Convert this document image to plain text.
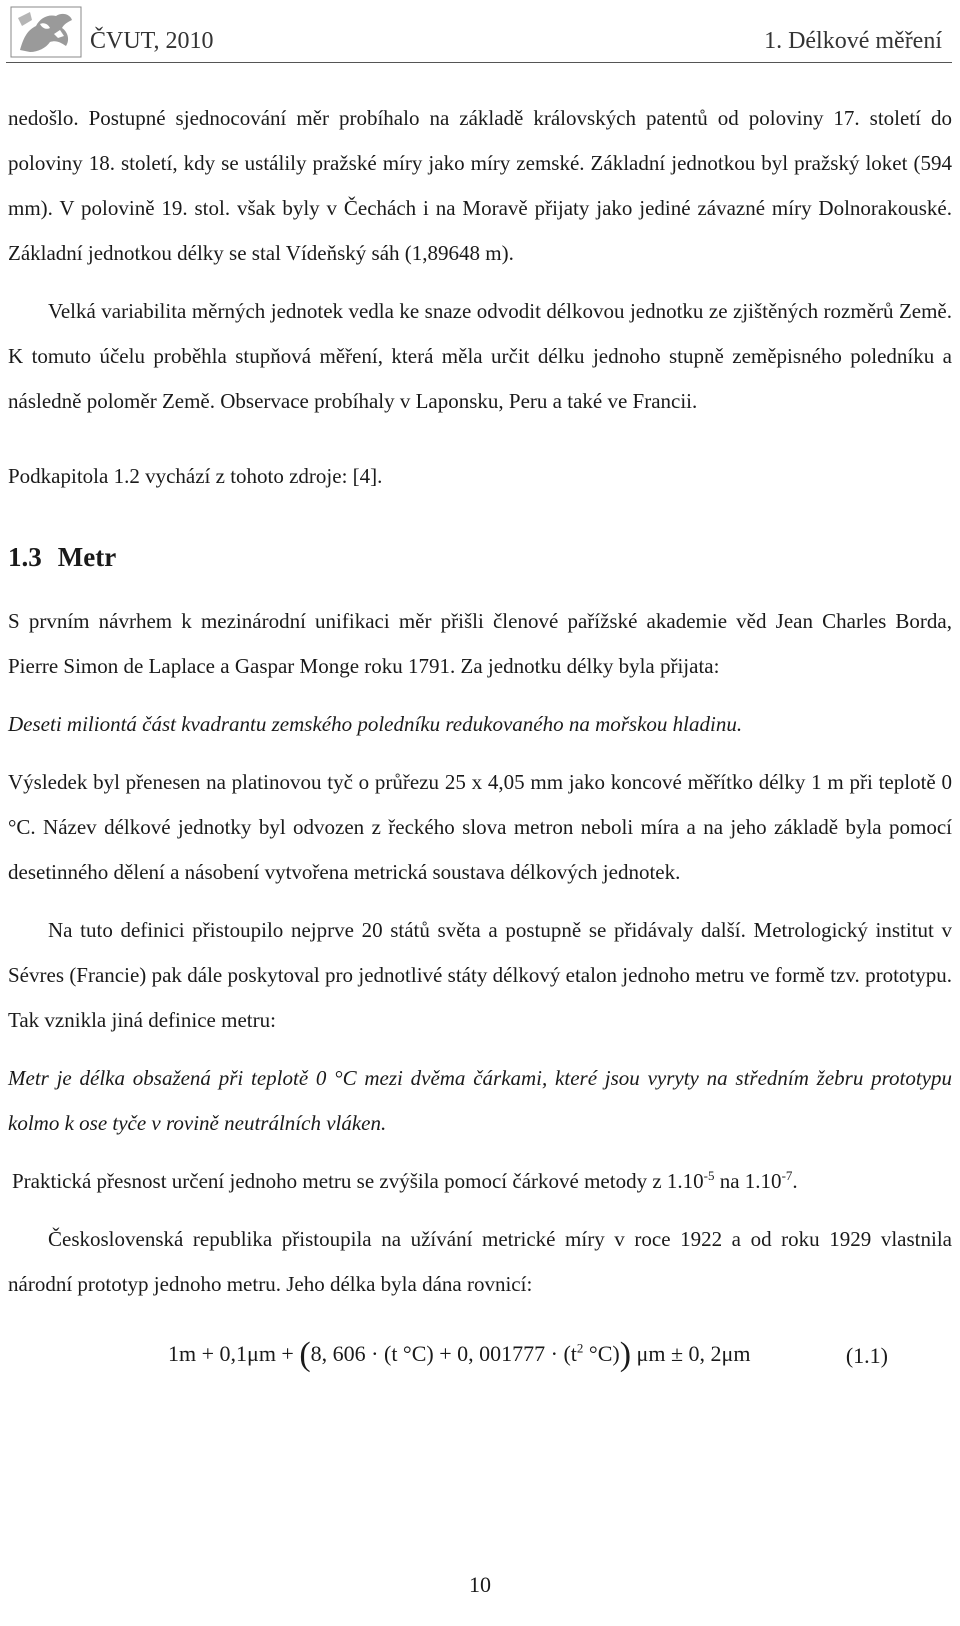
ČVUT, 2010	1. Délkové měření

nedošlo. Postupné sjednocování měr probíhalo na základě královských patentů od poloviny 17. století do poloviny 18. století, kdy se ustálily pražské míry jako míry zemské. Základní jednotkou byl pražský loket (594 mm). V polovině 19. stol. však byly v Čechách i na Moravě přijaty jako jediné závazné míry Dolnorakouské. Základní jednotkou délky se stal Vídeňský sáh (1,89648 m).

Velká variabilita měrných jednotek vedla ke snaze odvodit délkovou jednotku ze zjištěných rozměrů Země. K tomuto účelu proběhla stupňová měření, která měla určit délku jednoho stupně zeměpisného poledníku a následně poloměr Země. Observace probíhaly v Laponsku, Peru a také ve Francii.

Podkapitola 1.2 vychází z tohoto zdroje: [4].

1.3 Metr

S prvním návrhem k mezinárodní unifikaci měr přišli členové pařížské akademie věd Jean Charles Borda, Pierre Simon de Laplace a Gaspar Monge roku 1791. Za jednotku délky byla přijata:

Deseti miliontá část kvadrantu zemského poledníku redukovaného na mořskou hladinu.

Výsledek byl přenesen na platinovou tyč o průřezu 25 x 4,05 mm jako koncové měřítko délky 1 m při teplotě 0 °C. Název délkové jednotky byl odvozen z řeckého slova metron neboli míra a na jeho základě byla pomocí desetinného dělení a násobení vytvořena metrická soustava délkových jednotek.

Na tuto definici přistoupilo nejprve 20 států světa a postupně se přidávaly další. Metrologický institut v Sévres (Francie) pak dále poskytoval pro jednotlivé státy délkový etalon jednoho metru ve formě tzv. prototypu. Tak vznikla jiná definice metru:

Metr je délka obsažená při teplotě 0 °C mezi dvěma čárkami, které jsou vyryty na středním žebru prototypu kolmo k ose tyče v rovině neutrálních vláken.

Praktická přesnost určení jednoho metru se zvýšila pomocí čárkové metody z $1.10^{-5}$ na $1.10^{-7}$.

Československá republika přistoupila na užívání metrické míry v roce 1922 a od roku 1929 vlastnila národní prototyp jednoho metru. Jeho délka byla dána rovnicí:

1m + 0,1μm + (8, 606 · (t °C) + 0, $001777 \cdot (t^2$ °C)) μm ± 0, 2μm	(1.1)
10
